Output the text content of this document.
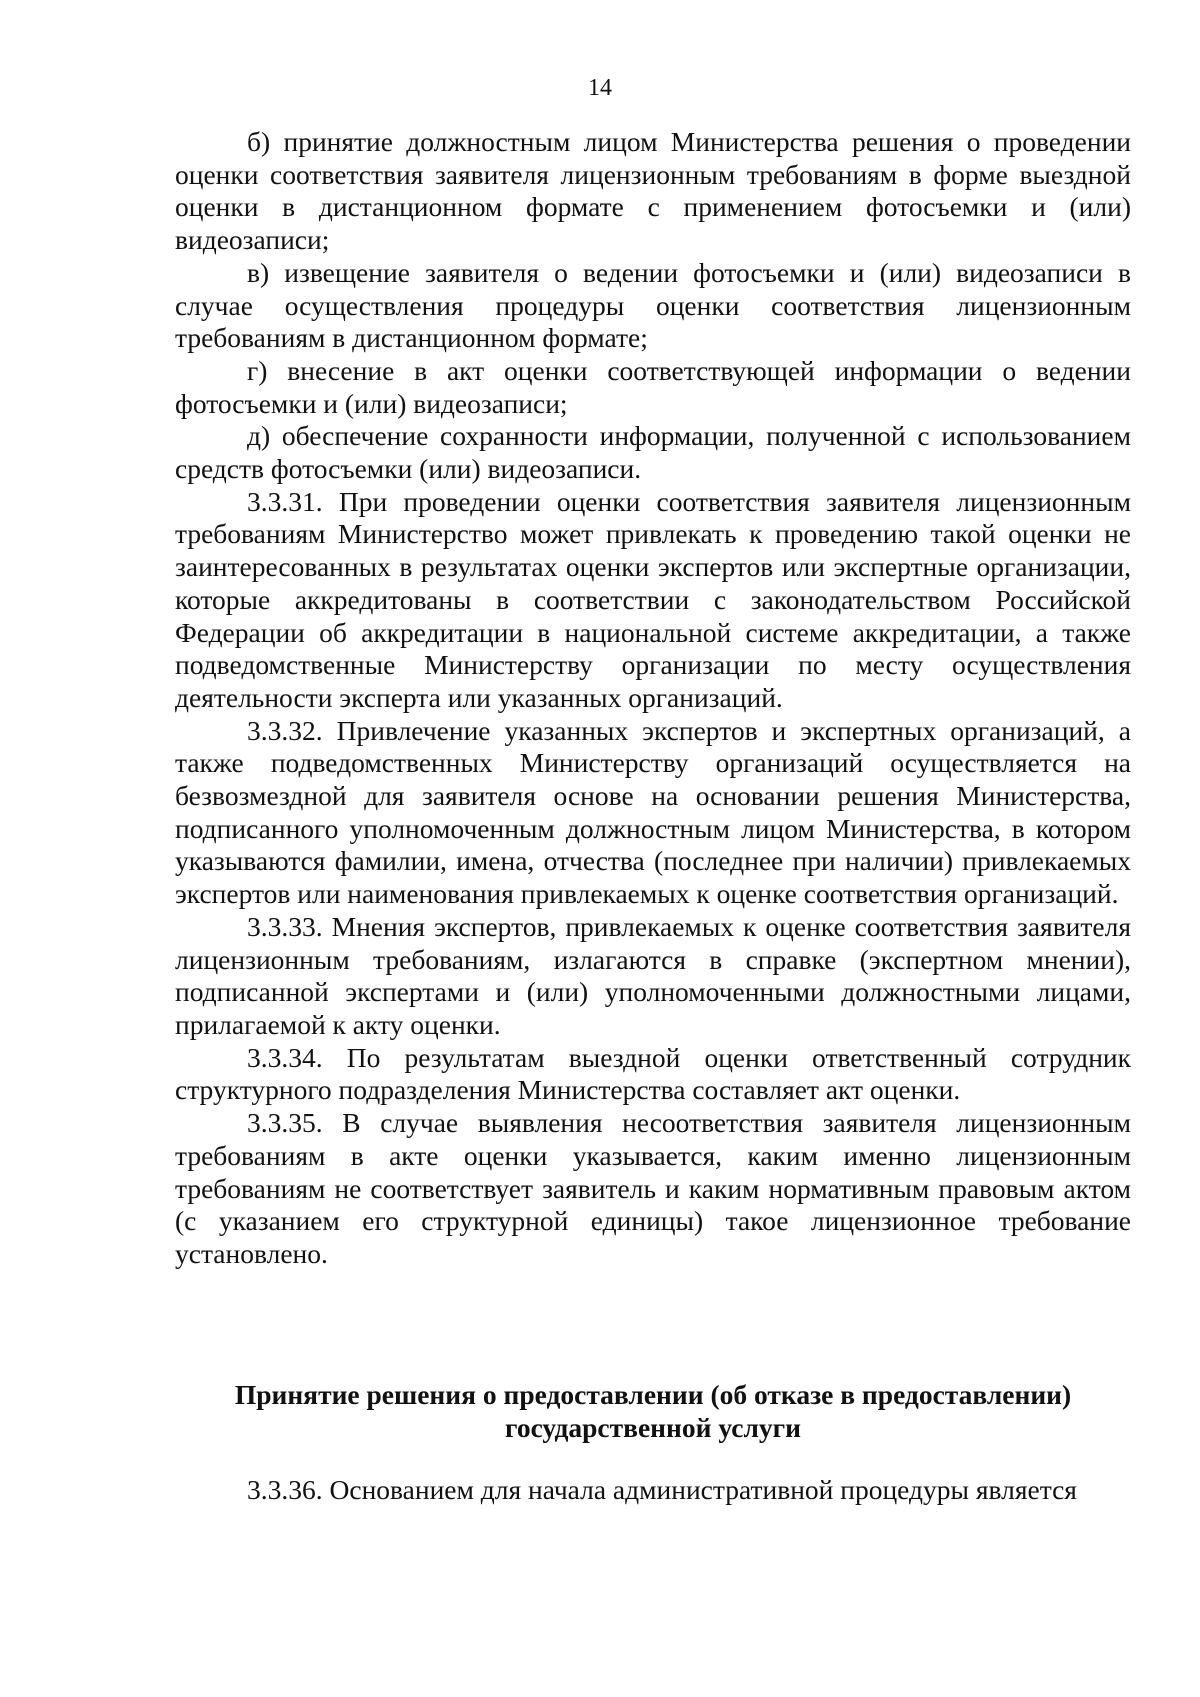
14

б) принятие должностным лицом Министерства решения о проведении оценки соответствия заявителя лицензионным требованиям в форме выездной оценки в дистанционном формате с применением фотосъемки и (или) видеозаписи;

в) извещение заявителя о ведении фотосъемки и (или) видеозаписи в случае осуществления процедуры оценки соответствия лицензионным требованиям в дистанционном формате;

г) внесение в акт оценки соответствующей информации о ведении фотосъемки и (или) видеозаписи;

д) обеспечение сохранности информации, полученной с использованием средств фотосъемки (или) видеозаписи.

3.3.31. При проведении оценки соответствия заявителя лицензионным требованиям Министерство может привлекать к проведению такой оценки не заинтересованных в результатах оценки экспертов или экспертные организации, которые аккредитованы в соответствии с законодательством Российской Федерации об аккредитации в национальной системе аккредитации, а также подведомственные Министерству организации по месту осуществления деятельности эксперта или указанных организаций.

3.3.32. Привлечение указанных экспертов и экспертных организаций, а также подведомственных Министерству организаций осуществляется на безвозмездной для заявителя основе на основании решения Министерства, подписанного уполномоченным должностным лицом Министерства, в котором указываются фамилии, имена, отчества (последнее при наличии) привлекаемых экспертов или наименования привлекаемых к оценке соответствия организаций.

3.3.33. Мнения экспертов, привлекаемых к оценке соответствия заявителя лицензионным требованиям, излагаются в справке (экспертном мнении), подписанной экспертами и (или) уполномоченными должностными лицами, прилагаемой к акту оценки.

3.3.34. По результатам выездной оценки ответственный сотрудник структурного подразделения Министерства составляет акт оценки.

3.3.35. В случае выявления несоответствия заявителя лицензионным требованиям в акте оценки указывается, каким именно лицензионным требованиям не соответствует заявитель и каким нормативным правовым актом (с указанием его структурной единицы) такое лицензионное требование установлено.

Принятие решения о предоставлении (об отказе в предоставлении)
государственной услуги

3.3.36. Основанием для начала административной процедуры является
